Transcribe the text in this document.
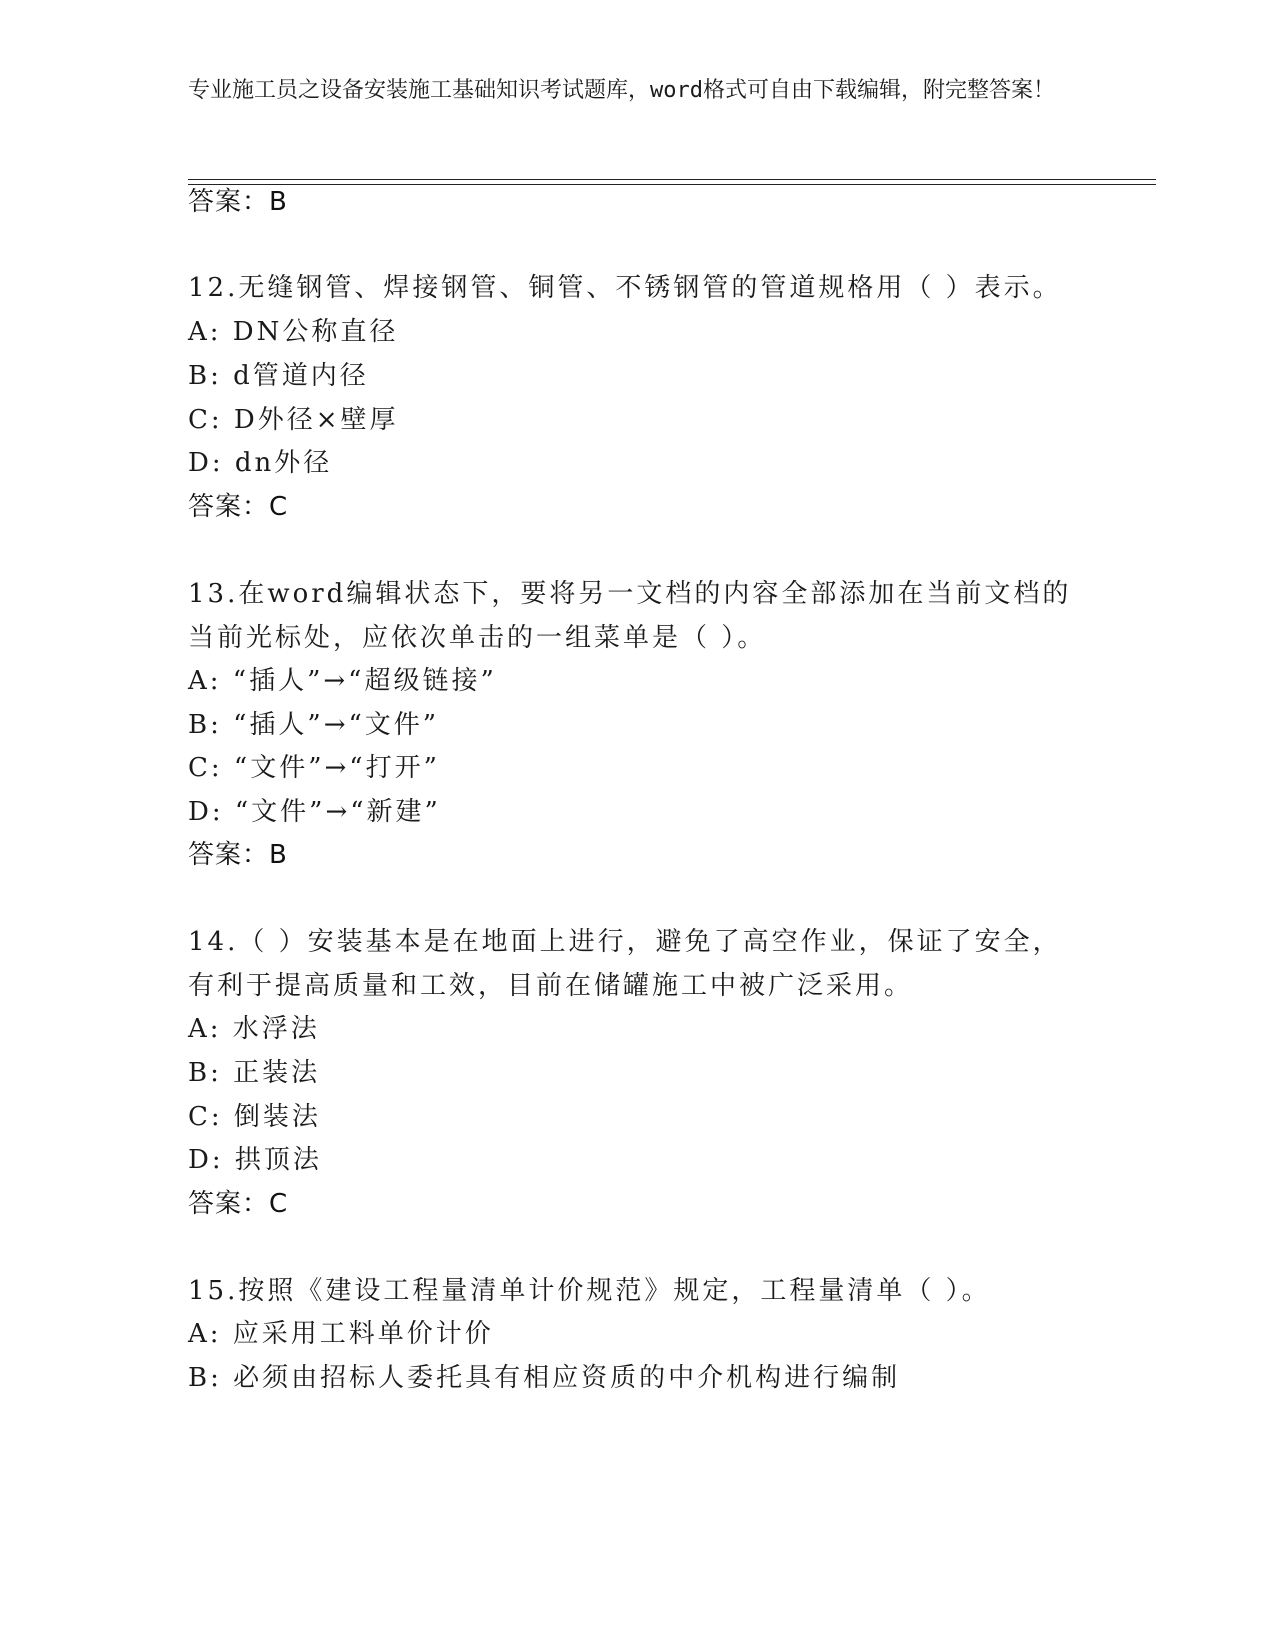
专业施工员之设备安装施工基础知识考试题库，word格式可自由下载编辑，附完整答案！
答案：B
12.无缝钢管、焊接钢管、铜管、不锈钢管的管道规格用（ ）表示。
A: DN公称直径
B: d管道内径
C: D外径×壁厚
D: dn外径
答案：C
13.在word编辑状态下，要将另一文档的内容全部添加在当前文档的
当前光标处，应依次单击的一组菜单是（ ）。
A: “插人”→“超级链接”
B: “插人”→“文件”
C: “文件”→“打开”
D: “文件”→“新建”
答案：B
14.（ ）安装基本是在地面上进行，避免了高空作业，保证了安全，
有利于提高质量和工效，目前在储罐施工中被广泛采用。
A: 水浮法
B: 正装法
C: 倒装法
D: 拱顶法
答案：C
15.按照《建设工程量清单计价规范》规定，工程量清单（ ）。
A: 应采用工料单价计价
B: 必须由招标人委托具有相应资质的中介机构进行编制
